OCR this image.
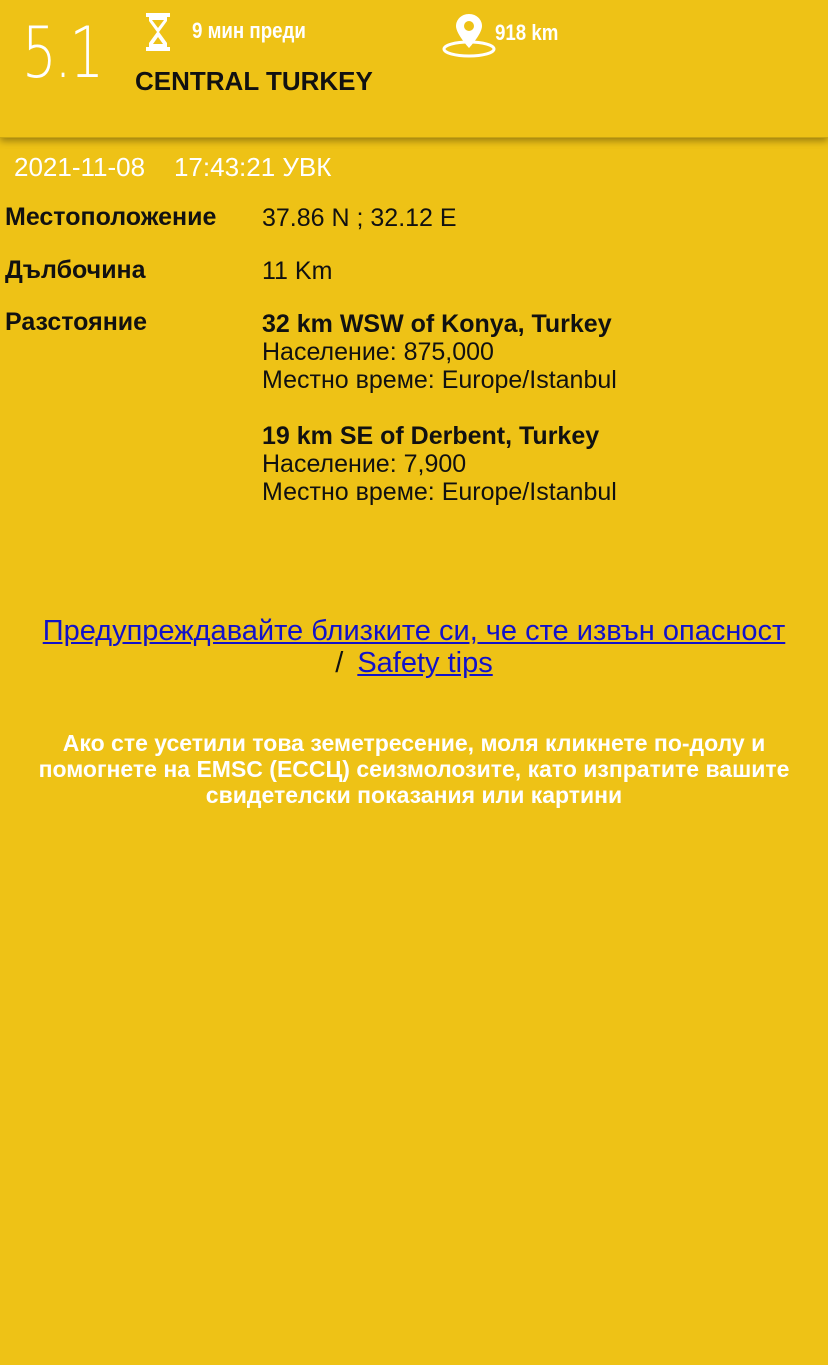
5.1	9 мин преди	918 km
CENTRAL TURKEY
2021-11-08    17:43:21 УВК
Местоположение 37.86 N ; 32.12 E
Дълбочина	11 Km
Разстояние	32 km WSW of Konya, Turkey
Население: 875,000
Местно време: Europe/Istanbul
19 km SE of Derbent, Turkey
Население: 7,900
Местно време: Europe/Istanbul
Предупреждавайте близките си, че сте извън опасност
/ Safety tips
Ако сте усетили това земетресение, моля кликнете по-долу и помогнете на EMSC (ЕССЦ) сеизмолозите, като изпратите вашите свидетелски показания или картини
